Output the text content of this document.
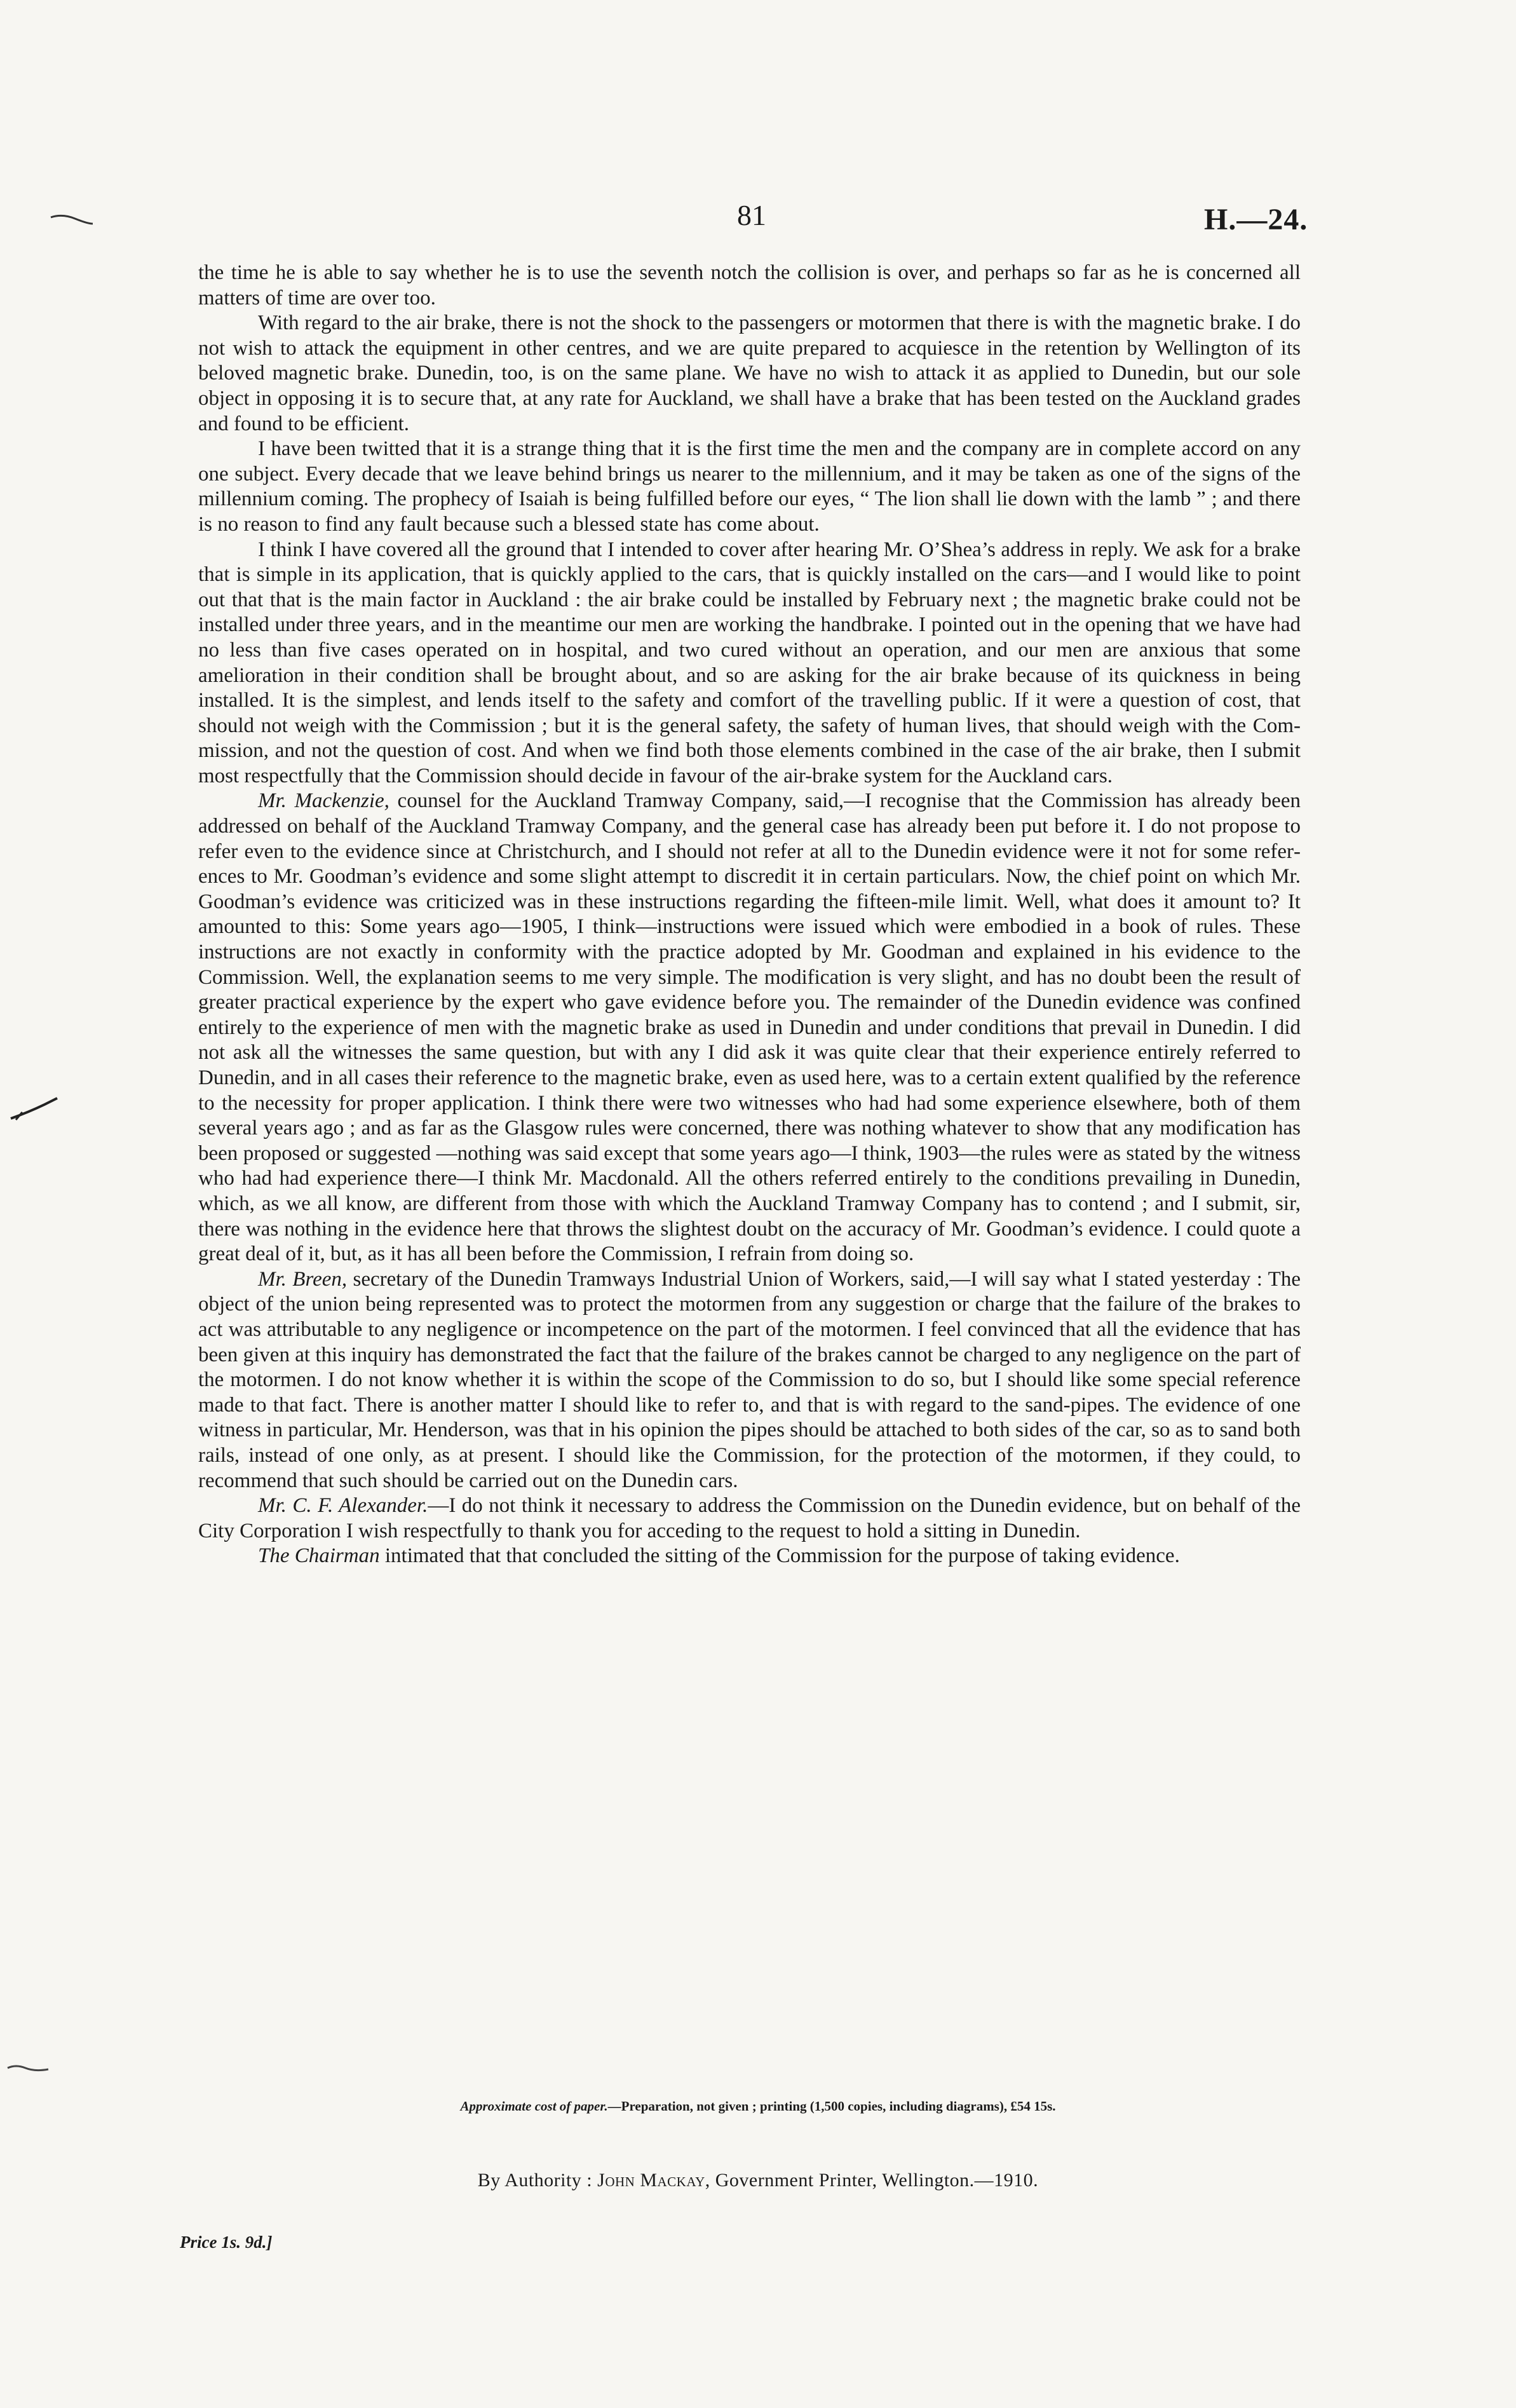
81	H.—24.

the time he is able to say whether he is to use the seventh notch the collision is over, and perhaps so far as he is concerned all matters of time are over too.

With regard to the air brake, there is not the shock to the passengers or motormen that there is with the magnetic brake. I do not wish to attack the equipment in other centres, and we are quite prepared to acquiesce in the retention by Wellington of its beloved magnetic brake. Dunedin, too, is on the same plane. We have no wish to attack it as applied to Dunedin, but our sole object in opposing it is to secure that, at any rate for Auckland, we shall have a brake that has been tested on the Auckland grades and found to be efficient.

I have been twitted that it is a strange thing that it is the first time the men and the company are in complete accord on any one subject. Every decade that we leave behind brings us nearer to the millennium, and it may be taken as one of the signs of the millennium coming. The prophecy of Isaiah is being fulfilled before our eyes, “ The lion shall lie down with the lamb ” ; and there is no reason to find any fault because such a blessed state has come about.

I think I have covered all the ground that I intended to cover after hearing Mr. O’Shea’s address in reply. We ask for a brake that is simple in its application, that is quickly applied to the cars, that is quickly installed on the cars—and I would like to point out that that is the main factor in Auckland : the air brake could be installed by February next ; the magnetic brake could not be installed under three years, and in the meantime our men are working the handbrake. I pointed out in the opening that we have had no less than five cases operated on in hospital, and two cured without an operation, and our men are anxious that some amelioration in their condition shall be brought about, and so are asking for the air brake because of its quickness in being installed. It is the simplest, and lends itself to the safety and comfort of the travelling public. If it were a question of cost, that should not weigh with the Commission ; but it is the general safety, the safety of human lives, that should weigh with the Commission, and not the question of cost. And when we find both those elements combined in the case of the air brake, then I submit most respectfully that the Commission should decide in favour of the air-brake system for the Auckland cars.

Mr. Mackenzie, counsel for the Auckland Tramway Company, said,—I recognise that the Commission has already been addressed on behalf of the Auckland Tramway Company, and the general case has already been put before it. I do not propose to refer even to the evidence since at Christchurch, and I should not refer at all to the Dunedin evidence were it not for some references to Mr. Goodman’s evidence and some slight attempt to discredit it in certain particulars. Now, the chief point on which Mr. Goodman’s evidence was criticized was in these instructions regarding the fifteen-mile limit. Well, what does it amount to? It amounted to this: Some years ago—1905, I think—instructions were issued which were embodied in a book of rules. These instructions are not exactly in conformity with the practice adopted by Mr. Goodman and explained in his evidence to the Commission. Well, the explanation seems to me very simple. The modification is very slight, and has no doubt been the result of greater practical experience by the expert who gave evidence before you. The remainder of the Dunedin evidence was confined entirely to the experience of men with the magnetic brake as used in Dunedin and under conditions that prevail in Dunedin. I did not ask all the witnesses the same question, but with any I did ask it was quite clear that their experience entirely referred to Dunedin, and in all cases their reference to the magnetic brake, even as used here, was to a certain extent qualified by the reference to the necessity for proper application. I think there were two witnesses who had had some experience elsewhere, both of them several years ago ; and as far as the Glasgow rules were concerned, there was nothing whatever to show that any modification has been proposed or suggested —nothing was said except that some years ago—I think, 1903—the rules were as stated by the witness who had had experience there—I think Mr. Macdonald. All the others referred entirely to the conditions prevailing in Dunedin, which, as we all know, are different from those with which the Auckland Tramway Company has to contend ; and I submit, sir, there was nothing in the evidence here that throws the slightest doubt on the accuracy of Mr. Goodman’s evidence. I could quote a great deal of it, but, as it has all been before the Commission, I refrain from doing so.

Mr. Breen, secretary of the Dunedin Tramways Industrial Union of Workers, said,—I will say what I stated yesterday : The object of the union being represented was to protect the motormen from any suggestion or charge that the failure of the brakes to act was attributable to any negligence or incompetence on the part of the motormen. I feel convinced that all the evidence that has been given at this inquiry has demonstrated the fact that the failure of the brakes cannot be charged to any negligence on the part of the motormen. I do not know whether it is within the scope of the Commission to do so, but I should like some special reference made to that fact. There is another matter I should like to refer to, and that is with regard to the sand-pipes. The evidence of one witness in particular, Mr. Henderson, was that in his opinion the pipes should be attached to both sides of the car, so as to sand both rails, instead of one only, as at present. I should like the Commission, for the protection of the motormen, if they could, to recommend that such should be carried out on the Dunedin cars.

Mr. C. F. Alexander.—I do not think it necessary to address the Commission on the Dunedin evidence, but on behalf of the City Corporation I wish respectfully to thank you for acceding to the request to hold a sitting in Dunedin.

The Chairman intimated that that concluded the sitting of the Commission for the purpose of taking evidence.

Approximate cost of paper.—Preparation, not given ; printing (1,500 copies, including diagrams), £54 15s.
By Authority : John Mackay, Government Printer, Wellington.—1910.
Price 1s. 9d.]
